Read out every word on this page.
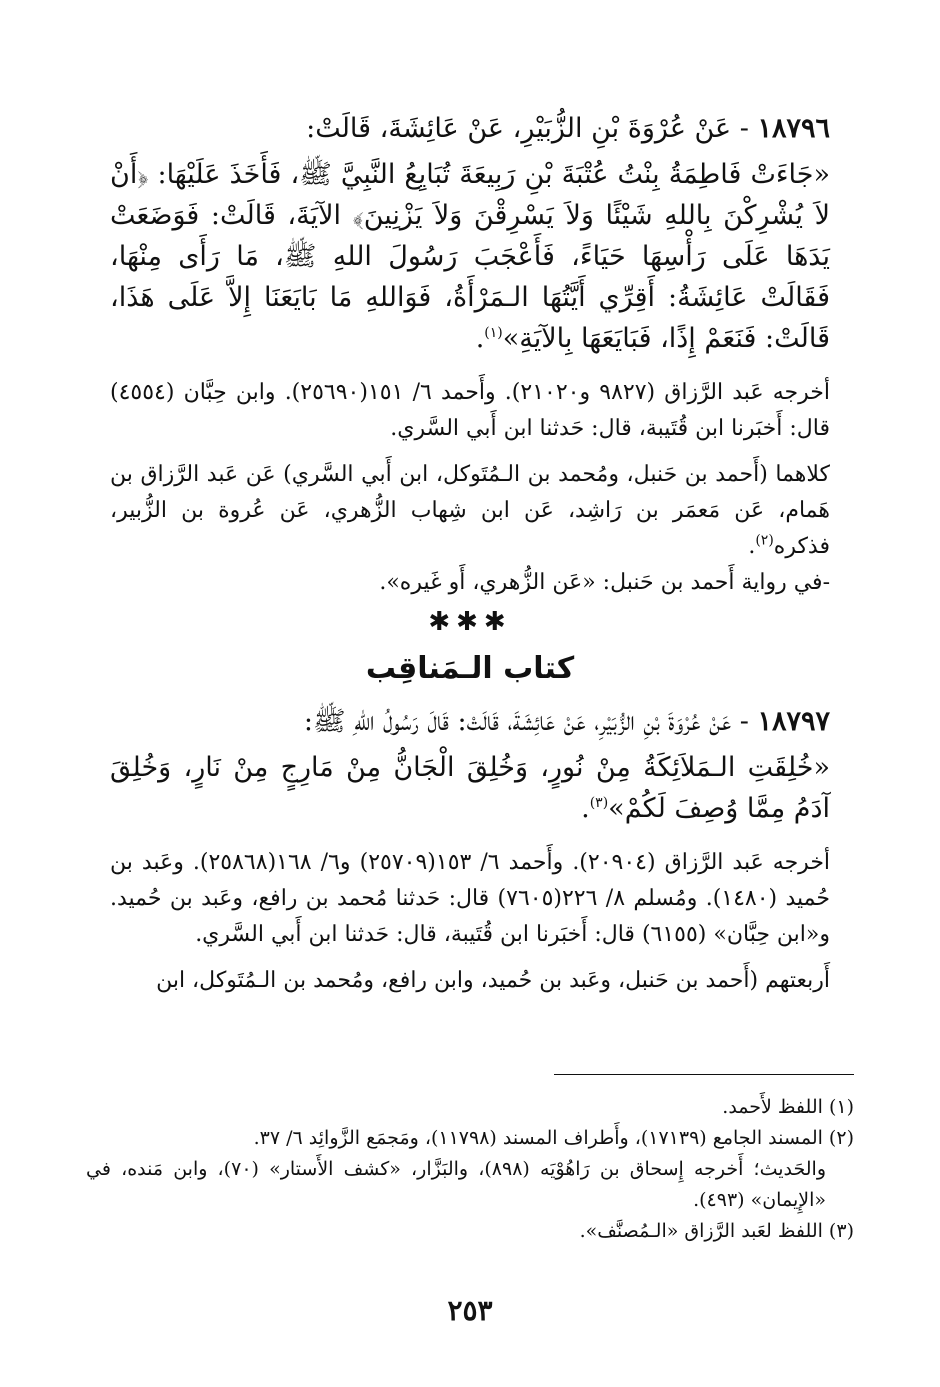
١٨٧٩٦ - عَنْ عُرْوَةَ بْنِ الزُّبَيْرِ، عَنْ عَائِشَةَ، قَالَتْ:

«جَاءَتْ فَاطِمَةُ بِنْتُ عُتْبَةَ بْنِ رَبِيعَةَ تُبَايِعُ النَّبِيَّ ﷺ، فَأَخَذَ عَلَيْهَا: ﴿أَنْ لاَ يُشْرِكْنَ بِاللهِ شَيْئًا وَلاَ يَسْرِقْنَ وَلاَ يَزْنِينَ﴾ الآيَةَ، قَالَتْ: فَوَضَعَتْ يَدَهَا عَلَى رَأْسِهَا حَيَاءً، فَأَعْجَبَ رَسُولَ اللهِ ﷺ، مَا رَأَى مِنْهَا، فَقَالَتْ عَائِشَةُ: أَقِرِّي أَيَّتُهَا الـمَرْأَةُ، فَوَاللهِ مَا بَايَعَنَا إِلاَّ عَلَى هَذَا، قَالَتْ: فَنَعَمْ إِذًا، فَبَايَعَهَا بِالآيَةِ»$^{(١)}$.

أخرجه عَبد الرَّزاق (٩٨٢٧ و٢١٠٢٠). وأَحمد ٦/ ١٥١(٢٥٦٩٠). وابن حِبَّان (٤٥٥٤) قال: أَخبَرنا ابن قُتَيبة، قال: حَدثنا ابن أَبي السَّري.

كلاهما (أَحمد بن حَنبل، ومُحمد بن الـمُتَوكل، ابن أَبي السَّري) عَن عَبد الرَّزاق بن هَمام، عَن مَعمَر بن رَاشِد، عَن ابن شِهاب الزُّهري، عَن عُروة بن الزُّبير، فذكره$^{(٢)}$.

-في رواية أَحمد بن حَنبل: «عَن الزُّهري، أَو غَيره».

✱✱✱

كتاب الـمَناقِب

١٨٧٩٧ - عَنْ عُرْوَةَ بْنِ الزُّبَيْرِ، عَنْ عَائِشَةَ، قَالَتْ: قَالَ رَسُولُ اللهِ ﷺ:

«خُلِقَتِ الـمَلاَئِكَةُ مِنْ نُورٍ، وَخُلِقَ الْجَانُّ مِنْ مَارِجٍ مِنْ نَارٍ، وَخُلِقَ آدَمُ مِمَّا وُصِفَ لَكُمْ»$^{(٣)}$.

أخرجه عَبد الرَّزاق (٢٠٩٠٤). وأَحمد ٦/ ١٥٣(٢٥٧٠٩) و٦/ ١٦٨(٢٥٨٦٨). وعَبد بن حُميد (١٤٨٠). ومُسلم ٨/ ٢٢٦(٧٦٠٥) قال: حَدثنا مُحمد بن رافع، وعَبد بن حُميد. و«ابن حِبَّان» (٦١٥٥) قال: أَخبَرنا ابن قُتَيبة، قال: حَدثنا ابن أَبي السَّري.

أَربعتهم (أَحمد بن حَنبل، وعَبد بن حُميد، وابن رافع، ومُحمد بن الـمُتَوكل، ابن

(١) اللفظ لأَحمد.

(٢) المسند الجامع (١٧١٣٩)، وأَطراف المسند (١١٧٩٨)، ومَجمَع الزَّوائِد ٦/ ٣٧.

والحَديث؛ أَخرجه إِسحاق بن رَاهُوْيَه (٨٩٨)، والبَزَّار، «كشف الأَستار» (٧٠)، وابن مَنده، في «الإِيمان» (٤٩٣).

(٣) اللفظ لعَبد الرَّزاق «الـمُصنَّف».

٢٥٣
